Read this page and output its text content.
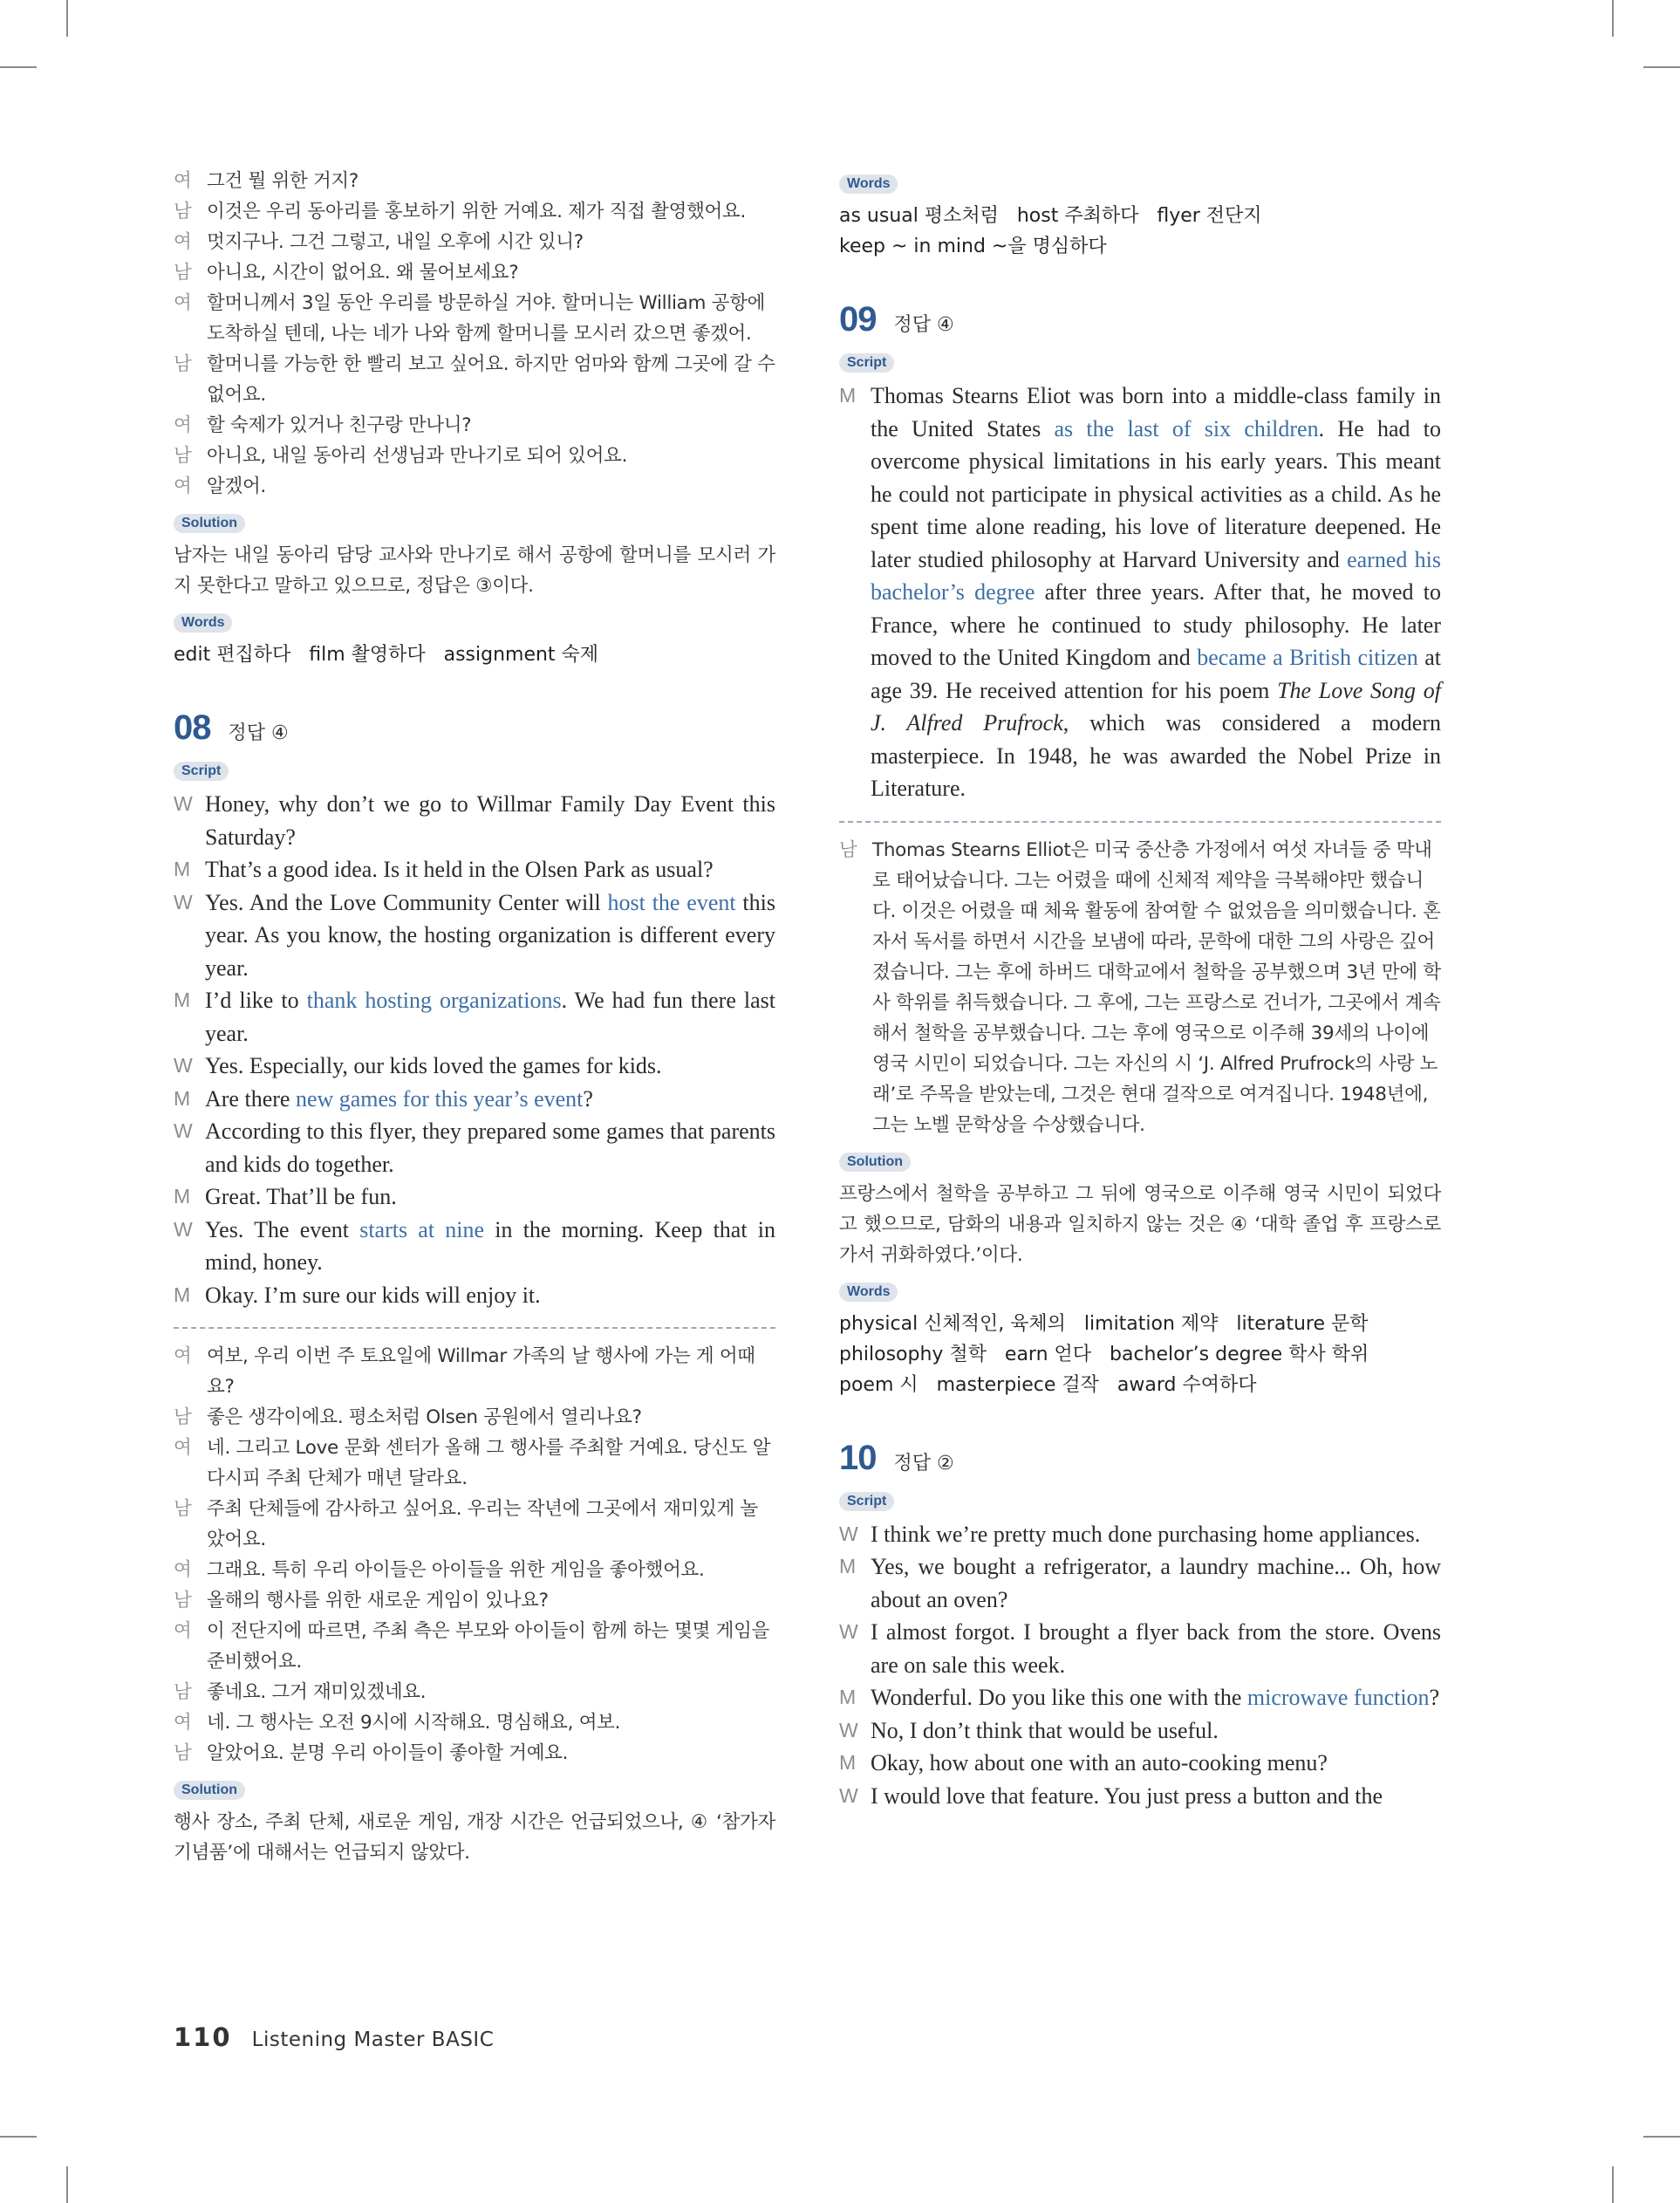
여 그건 뭘 위한 거지?
남 이것은 우리 동아리를 홍보하기 위한 거예요. 제가 직접 촬영했어요.
여 멋지구나. 그건 그렇고, 내일 오후에 시간 있니?
남 아니요, 시간이 없어요. 왜 물어보세요?
여 할머니께서 3일 동안 우리를 방문하실 거야. 할머니는 William 공항에 도착하실 텐데, 나는 네가 나와 함께 할머니를 모시러 갔으면 좋겠어.
남 할머니를 가능한 한 빨리 보고 싶어요. 하지만 엄마와 함께 그곳에 갈 수 없어요.
여 할 숙제가 있거나 친구랑 만나니?
남 아니요, 내일 동아리 선생님과 만나기로 되어 있어요.
여 알겠어.
Solution
남자는 내일 동아리 담당 교사와 만나기로 해서 공항에 할머니를 모시러 가지 못한다고 말하고 있으므로, 정답은 ③이다.
Words
edit 편집하다   film 촬영하다   assignment 숙제
08 정답 ④
Script
W Honey, why don’t we go to Willmar Family Day Event this Saturday?
M That’s a good idea. Is it held in the Olsen Park as usual?
W Yes. And the Love Community Center will host the event this year. As you know, the hosting organization is different every year.
M I’d like to thank hosting organizations. We had fun there last year.
W Yes. Especially, our kids loved the games for kids.
M Are there new games for this year’s event?
W According to this flyer, they prepared some games that parents and kids do together.
M Great. That’ll be fun.
W Yes. The event starts at nine in the morning. Keep that in mind, honey.
M Okay. I’m sure our kids will enjoy it.
여 여보, 우리 이번 주 토요일에 Willmar 가족의 날 행사에 가는 게 어때요?
남 좋은 생각이에요. 평소처럼 Olsen 공원에서 열리나요?
여 네. 그리고 Love 문화 센터가 올해 그 행사를 주최할 거예요. 당신도 알다시피 주최 단체가 매년 달라요.
남 주최 단체들에 감사하고 싶어요. 우리는 작년에 그곳에서 재미있게 놀았어요.
여 그래요. 특히 우리 아이들은 아이들을 위한 게임을 좋아했어요.
남 올해의 행사를 위한 새로운 게임이 있나요?
여 이 전단지에 따르면, 주최 측은 부모와 아이들이 함께 하는 몇몇 게임을 준비했어요.
남 좋네요. 그거 재미있겠네요.
여 네. 그 행사는 오전 9시에 시작해요. 명심해요, 여보.
남 알았어요. 분명 우리 아이들이 좋아할 거예요.
Solution
행사 장소, 주최 단체, 새로운 게임, 개장 시간은 언급되었으나, ④ ‘참가자 기념품’에 대해서는 언급되지 않았다.
Words
as usual 평소처럼   host 주최하다   flyer 전단지
keep ~ in mind ~을 명심하다
09 정답 ④
Script
M Thomas Stearns Eliot was born into a middle-class family in the United States as the last of six children. He had to overcome physical limitations in his early years. This meant he could not participate in physical activities as a child. As he spent time alone reading, his love of literature deepened. He later studied philosophy at Harvard University and earned his bachelor’s degree after three years. After that, he moved to France, where he continued to study philosophy. He later moved to the United Kingdom and became a British citizen at age 39. He received attention for his poem The Love Song of J. Alfred Prufrock, which was considered a modern masterpiece. In 1948, he was awarded the Nobel Prize in Literature.
남 Thomas Stearns Elliot은 미국 중산층 가정에서 여섯 자녀들 중 막내로 태어났습니다. 그는 어렸을 때에 신체적 제약을 극복해야만 했습니다. 이것은 어렸을 때 체육 활동에 참여할 수 없었음을 의미했습니다. 혼자서 독서를 하면서 시간을 보냄에 따라, 문학에 대한 그의 사랑은 깊어졌습니다. 그는 후에 하버드 대학교에서 철학을 공부했으며 3년 만에 학사 학위를 취득했습니다. 그 후에, 그는 프랑스로 건너가, 그곳에서 계속해서 철학을 공부했습니다. 그는 후에 영국으로 이주해 39세의 나이에 영국 시민이 되었습니다. 그는 자신의 시 ‘J. Alfred Prufrock의 사랑 노래’로 주목을 받았는데, 그것은 현대 걸작으로 여겨집니다. 1948년에, 그는 노벨 문학상을 수상했습니다.
Solution
프랑스에서 철학을 공부하고 그 뒤에 영국으로 이주해 영국 시민이 되었다고 했으므로, 담화의 내용과 일치하지 않는 것은 ④ ‘대학 졸업 후 프랑스로 가서 귀화하였다.’이다.
Words
physical 신체적인, 육체의   limitation 제약   literature 문학
philosophy 철학   earn 얻다   bachelor’s degree 학사 학위
poem 시   masterpiece 걸작   award 수여하다
10 정답 ②
Script
W I think we’re pretty much done purchasing home appliances.
M Yes, we bought a refrigerator, a laundry machine... Oh, how about an oven?
W I almost forgot. I brought a flyer back from the store. Ovens are on sale this week.
M Wonderful. Do you like this one with the microwave function?
W No, I don’t think that would be useful.
M Okay, how about one with an auto-cooking menu?
W I would love that feature. You just press a button and the
110 Listening Master BASIC
